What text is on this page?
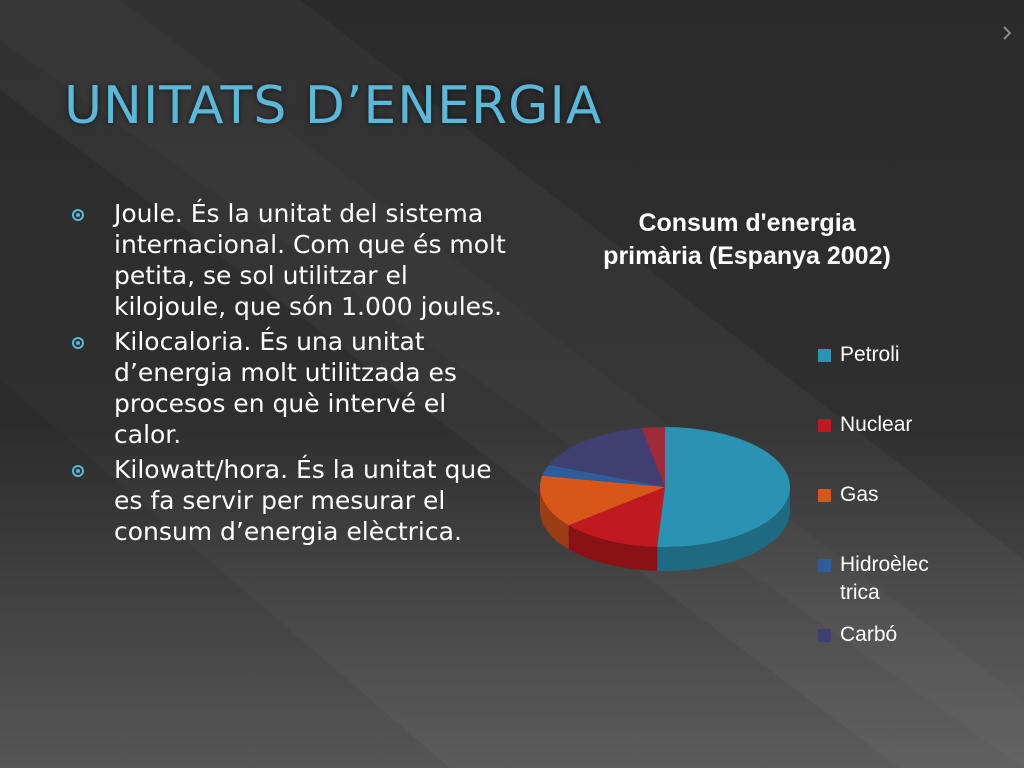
UNITATS D’ENERGIA
Joule. És la unitat del sistema internacional. Com que és molt petita, se sol utilitzar el kilojoule, que són 1.000 joules.
Kilocaloria. És una unitat d’energia molt utilitzada es procesos en què intervé el calor.
Kilowatt/hora. És la unitat que es fa servir per mesurar el consum d’energia elèctrica.
Consum d'energia primària (Espanya 2002)
Petroli
Nuclear
Gas
Hidroèlec
trica
Carbó
